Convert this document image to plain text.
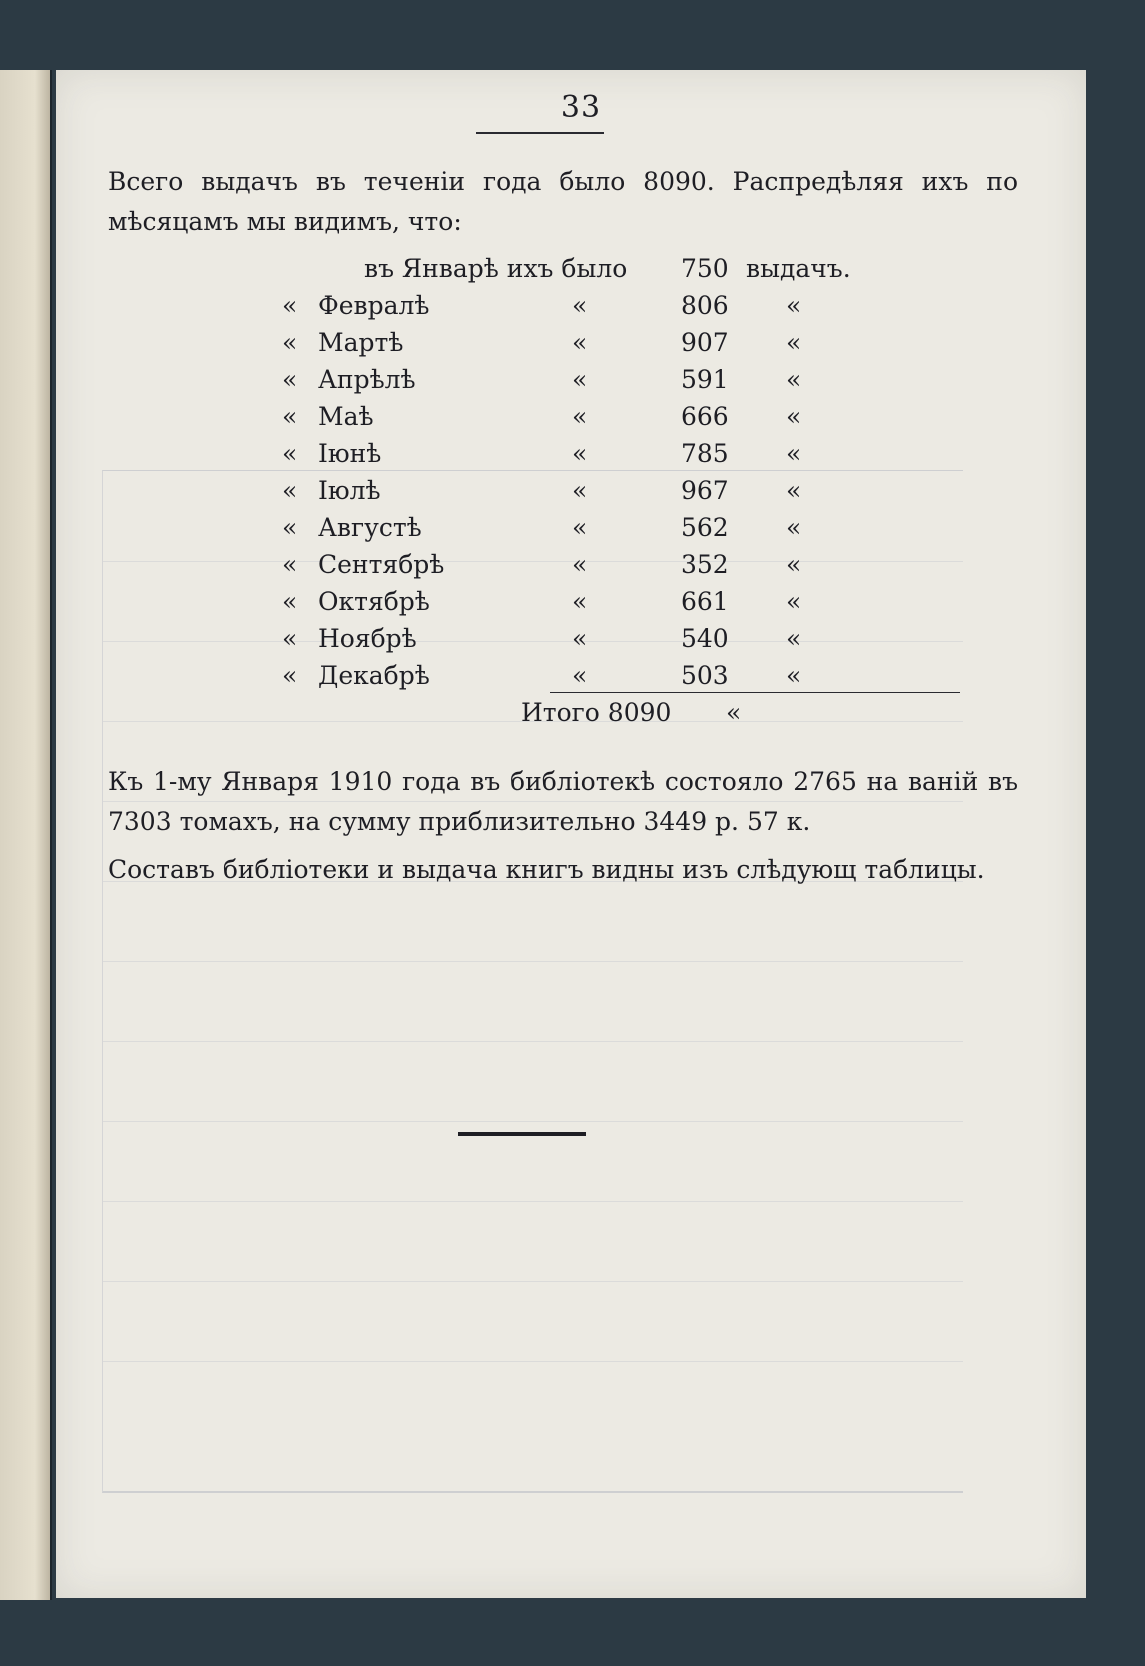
33

Всего выдачъ въ теченiи года было 8090. Распредѣляя ихъ по мѣсяцамъ мы видимъ, что:

въ Январѣ ихъ было 750 выдачъ.
« Февралѣ	«	806 «
« Мартѣ	«	907 «
« Апрѣлѣ	«	591 «
« Маѣ	«	666 «
« Iюнѣ	«	785 «
« Iюлѣ	«	967 «
« Августѣ	«	562 «
« Сентябрѣ	«	352 «
« Октябрѣ	«	661 «
« Ноябрѣ	«	540 «
« Декабрѣ	«	503 «
Итого 8090 «

Къ 1-му Января 1910 года въ библiотекѣ состояло 2765 на ванiй въ 7303 томахъ, на сумму приблизительно 3449 р. 57 к.

Составъ библiотеки и выдача книгъ видны изъ слѣдующ таблицы.
